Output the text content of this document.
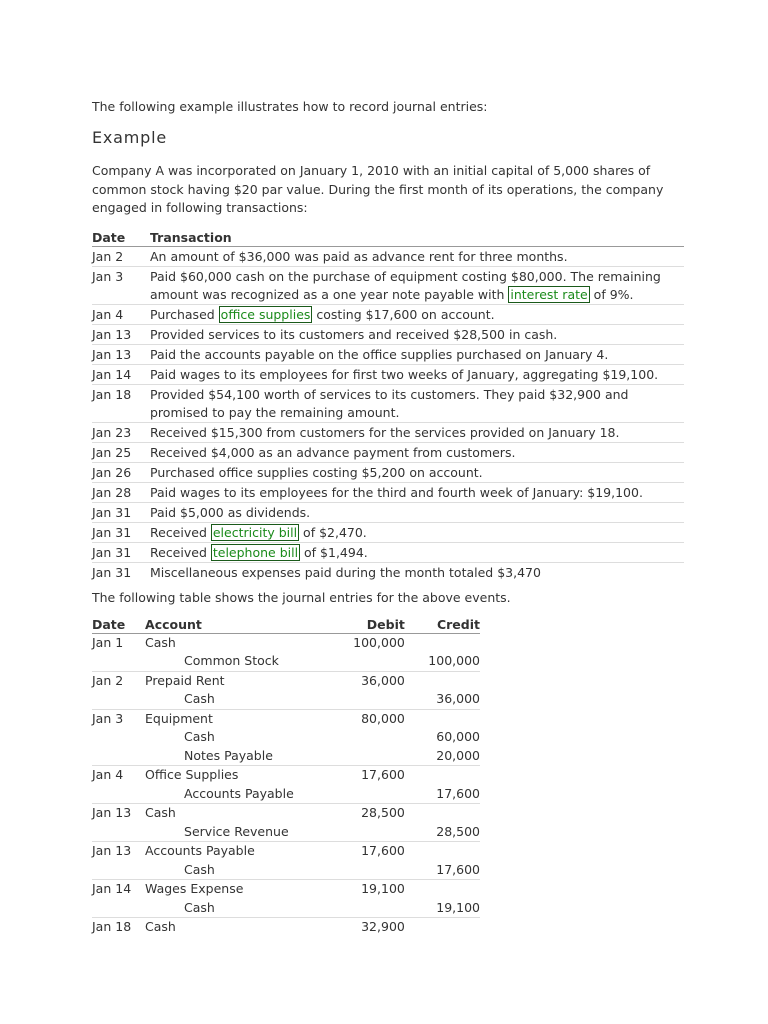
The following example illustrates how to record journal entries:

Example

Company A was incorporated on January 1, 2010 with an initial capital of 5,000 shares of common stock having $20 par value. During the first month of its operations, the company engaged in following transactions:

Date	Transaction
Jan 2	An amount of $36,000 was paid as advance rent for three months.
Jan 3	Paid $60,000 cash on the purchase of equipment costing $80,000. The remaining amount was recognized as a one year note payable with interest rate of 9%.
Jan 4	Purchased office supplies costing $17,600 on account.
Jan 13	Provided services to its customers and received $28,500 in cash.
Jan 13	Paid the accounts payable on the office supplies purchased on January 4.
Jan 14	Paid wages to its employees for first two weeks of January, aggregating $19,100.
Jan 18	Provided $54,100 worth of services to its customers. They paid $32,900 and promised to pay the remaining amount.
Jan 23	Received $15,300 from customers for the services provided on January 18.
Jan 25	Received $4,000 as an advance payment from customers.
Jan 26	Purchased office supplies costing $5,200 on account.
Jan 28	Paid wages to its employees for the third and fourth week of January: $19,100.
Jan 31	Paid $5,000 as dividends.
Jan 31	Received electricity bill of $2,470.
Jan 31	Received telephone bill of $1,494.
Jan 31	Miscellaneous expenses paid during the month totaled $3,470

The following table shows the journal entries for the above events.

Date	Account	Debit	Credit
Jan 1	Cash	100,000	
	Common Stock		100,000
Jan 2	Prepaid Rent	36,000	
	Cash		36,000
Jan 3	Equipment	80,000	
	Cash		60,000
	Notes Payable		20,000
Jan 4	Office Supplies	17,600	
	Accounts Payable		17,600
Jan 13	Cash	28,500	
	Service Revenue		28,500
Jan 13	Accounts Payable	17,600	
	Cash		17,600
Jan 14	Wages Expense	19,100	
	Cash		19,100
Jan 18	Cash	32,900	
